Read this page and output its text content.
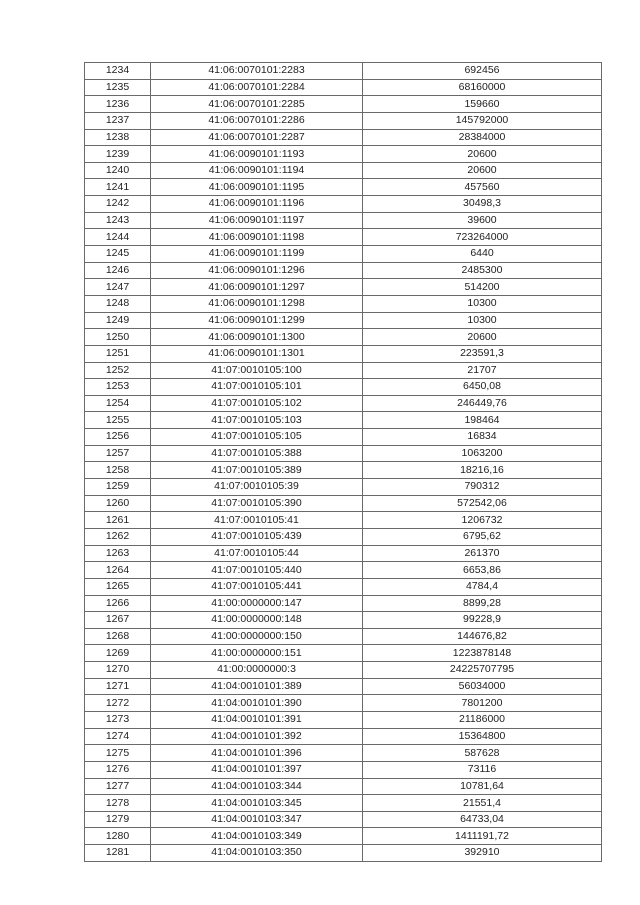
1234	41:06:0070101:2283	692456
1235	41:06:0070101:2284	68160000
1236	41:06:0070101:2285	159660
1237	41:06:0070101:2286	145792000
1238	41:06:0070101:2287	28384000
1239	41:06:0090101:1193	20600
1240	41:06:0090101:1194	20600
1241	41:06:0090101:1195	457560
1242	41:06:0090101:1196	30498,3
1243	41:06:0090101:1197	39600
1244	41:06:0090101:1198	723264000
1245	41:06:0090101:1199	6440
1246	41:06:0090101:1296	2485300
1247	41:06:0090101:1297	514200
1248	41:06:0090101:1298	10300
1249	41:06:0090101:1299	10300
1250	41:06:0090101:1300	20600
1251	41:06:0090101:1301	223591,3
1252	41:07:0010105:100	21707
1253	41:07:0010105:101	6450,08
1254	41:07:0010105:102	246449,76
1255	41:07:0010105:103	198464
1256	41:07:0010105:105	16834
1257	41:07:0010105:388	1063200
1258	41:07:0010105:389	18216,16
1259	41:07:0010105:39	790312
1260	41:07:0010105:390	572542,06
1261	41:07:0010105:41	1206732
1262	41:07:0010105:439	6795,62
1263	41:07:0010105:44	261370
1264	41:07:0010105:440	6653,86
1265	41:07:0010105:441	4784,4
1266	41:00:0000000:147	8899,28
1267	41:00:0000000:148	99228,9
1268	41:00:0000000:150	144676,82
1269	41:00:0000000:151	1223878148
1270	41:00:0000000:3	24225707795
1271	41:04:0010101:389	56034000
1272	41:04:0010101:390	7801200
1273	41:04:0010101:391	21186000
1274	41:04:0010101:392	15364800
1275	41:04:0010101:396	587628
1276	41:04:0010101:397	73116
1277	41:04:0010103:344	10781,64
1278	41:04:0010103:345	21551,4
1279	41:04:0010103:347	64733,04
1280	41:04:0010103:349	1411191,72
1281	41:04:0010103:350	392910
